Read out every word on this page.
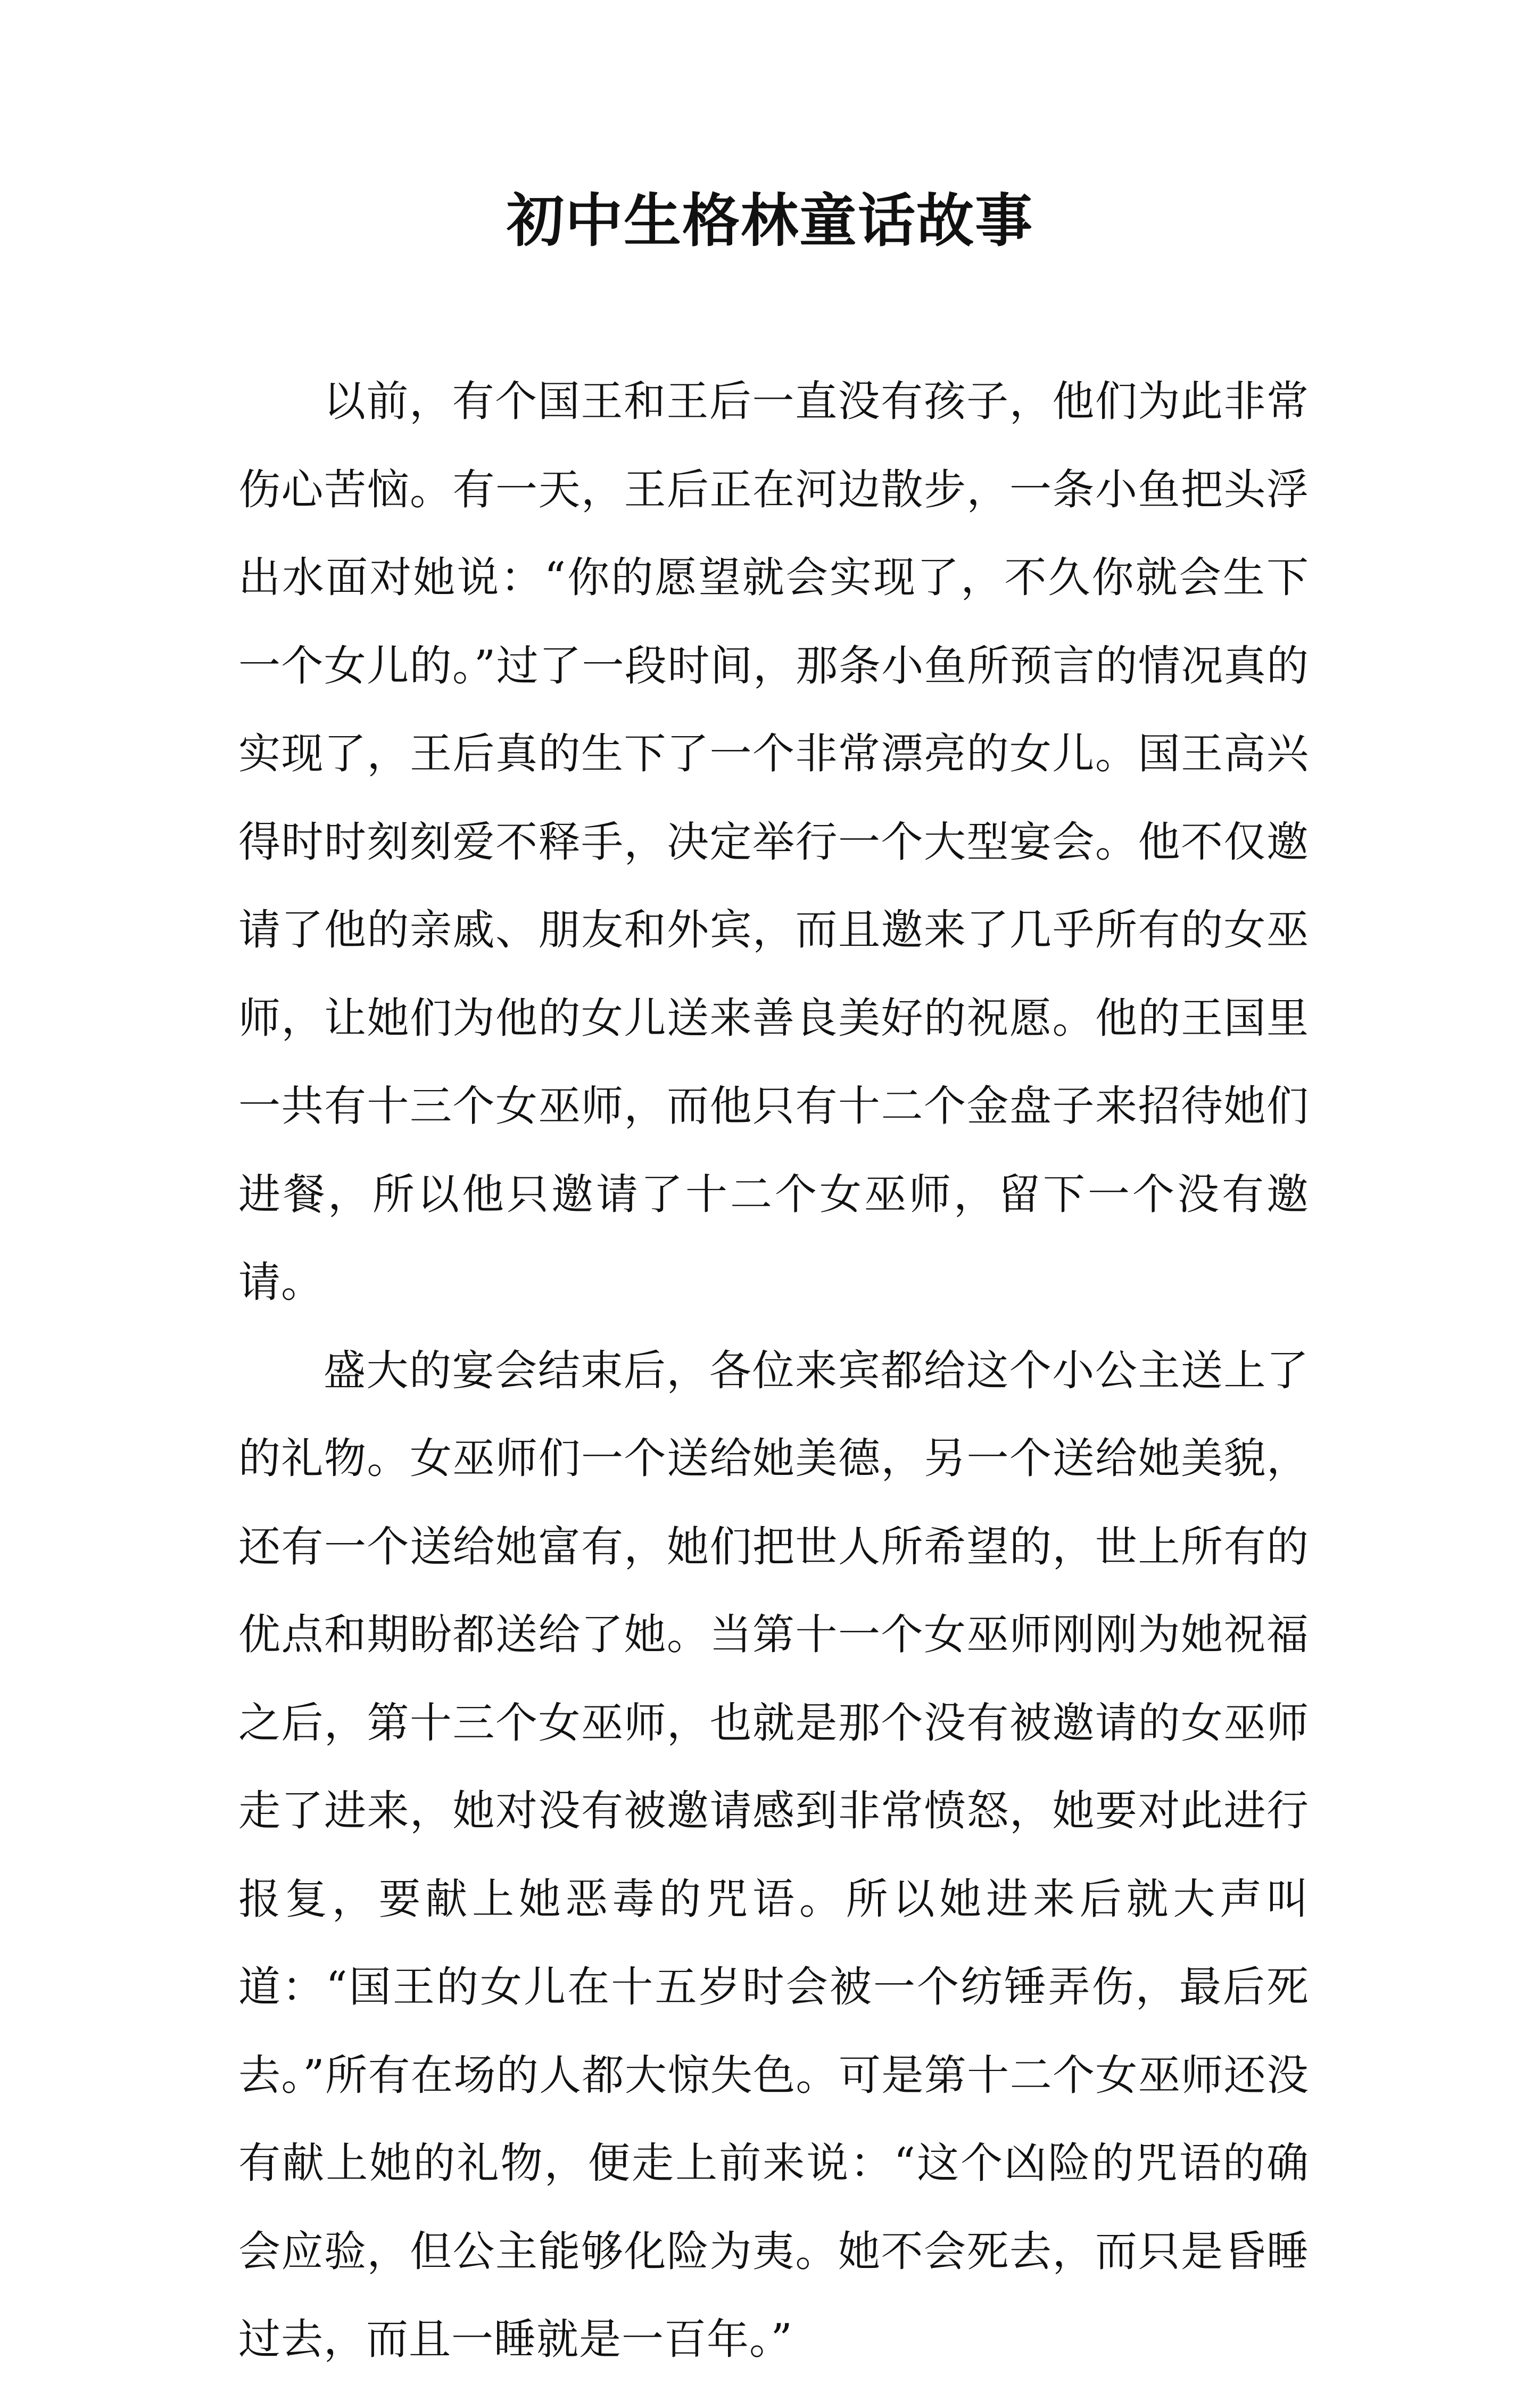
初中生格林童话故事

以前，有个国王和王后一直没有孩子，他们为此非常伤心苦恼。有一天，王后正在河边散步，一条小鱼把头浮出水面对她说：“你的愿望就会实现了，不久你就会生下一个女儿的。”过了一段时间，那条小鱼所预言的情况真的实现了，王后真的生下了一个非常漂亮的女儿。国王高兴得时时刻刻爱不释手，决定举行一个大型宴会。他不仅邀请了他的亲戚、朋友和外宾，而且邀来了几乎所有的女巫师，让她们为他的女儿送来善良美好的祝愿。他的王国里一共有十三个女巫师，而他只有十二个金盘子来招待她们进餐，所以他只邀请了十二个女巫师，留下一个没有邀请。

盛大的宴会结束后，各位来宾都给这个小公主送上了的礼物。女巫师们一个送给她美德，另一个送给她美貌，还有一个送给她富有，她们把世人所希望的，世上所有的优点和期盼都送给了她。当第十一个女巫师刚刚为她祝福之后，第十三个女巫师，也就是那个没有被邀请的女巫师走了进来，她对没有被邀请感到非常愤怒，她要对此进行报复，要献上她恶毒的咒语。所以她进来后就大声叫道：“国王的女儿在十五岁时会被一个纺锤弄伤，最后死去。”所有在场的人都大惊失色。可是第十二个女巫师还没有献上她的礼物，便走上前来说：“这个凶险的咒语的确会应验，但公主能够化险为夷。她不会死去，而只是昏睡过去，而且一睡就是一百年。”
